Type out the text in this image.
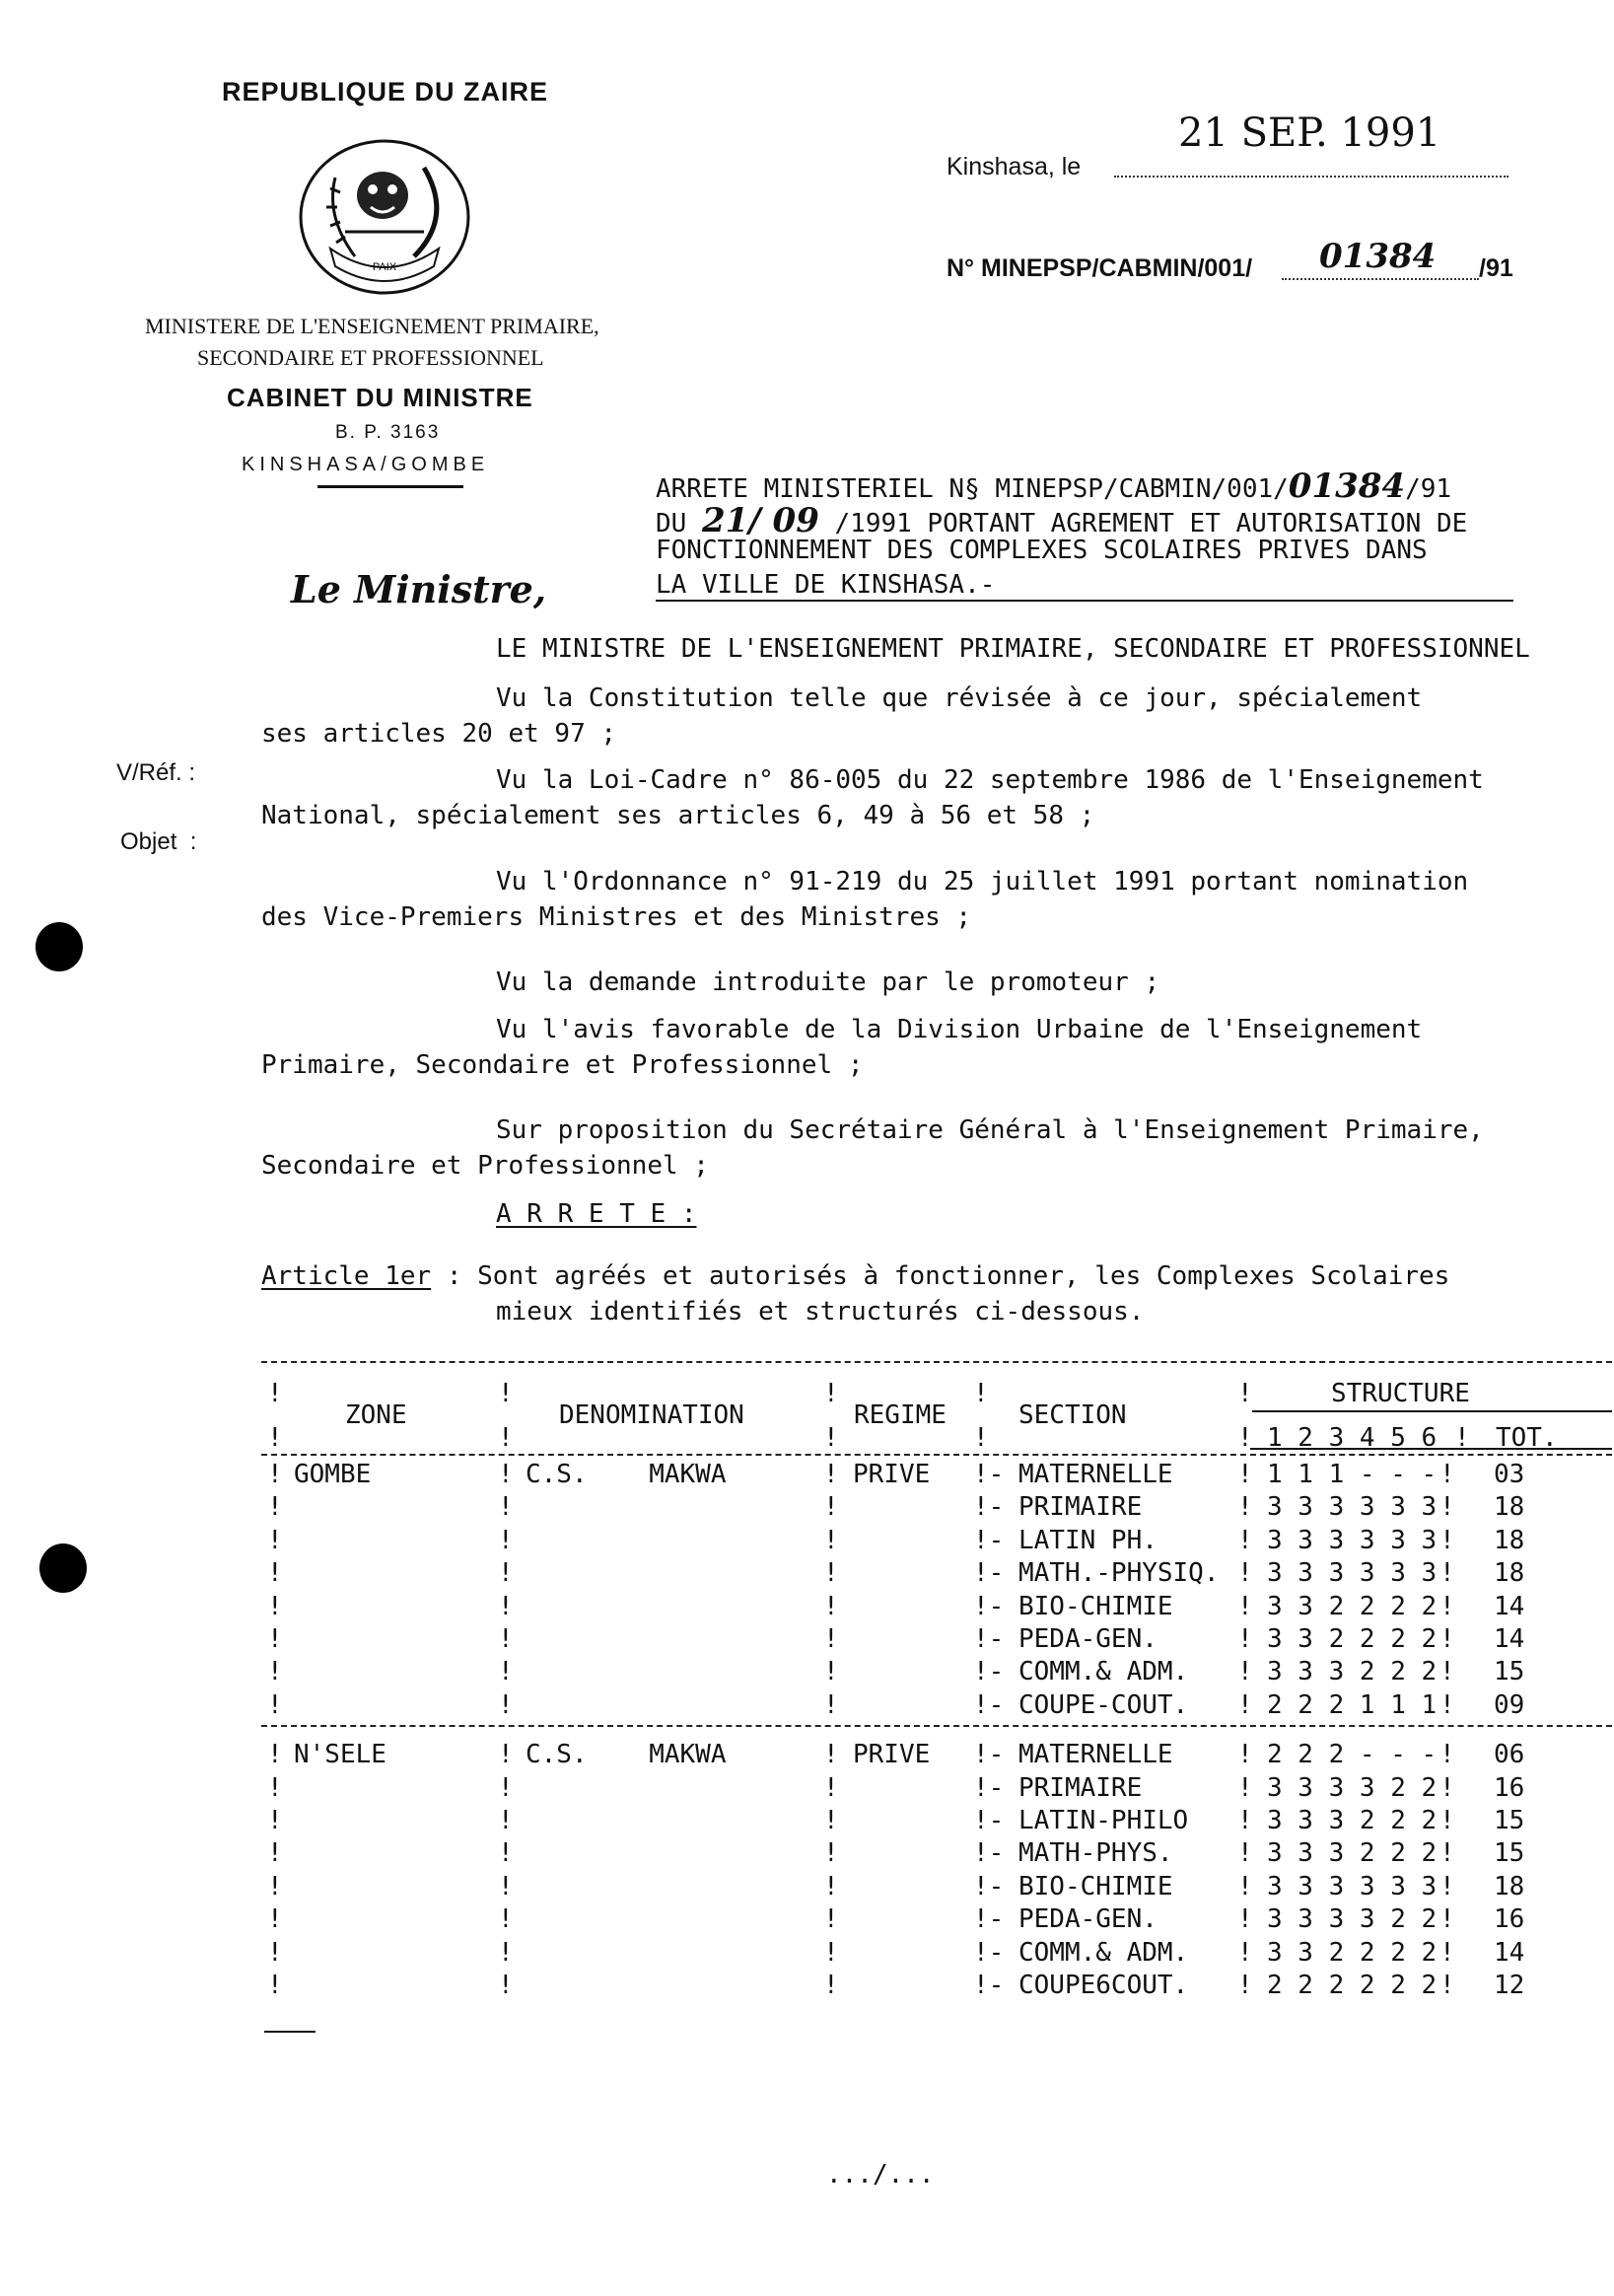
REPUBLIQUE DU ZAIRE
PAIX
MINISTERE DE L'ENSEIGNEMENT PRIMAIRE,
SECONDAIRE ET PROFESSIONNEL
CABINET DU MINISTRE
B. P. 3163
KINSHASA/GOMBE
Le Ministre,
V/Réf. :
Objet  :
21 SEP. 1991
Kinshasa, le
N° MINEPSP/CABMIN/001/ 01384 /91
ARRETE MINISTERIEL N§ MINEPSP/CABMIN/001/01384/91
DU 21/ 09 /1991 PORTANT AGREMENT ET AUTORISATION DE
FONCTIONNEMENT DES COMPLEXES SCOLAIRES PRIVES DANS
LA VILLE DE KINSHASA.-
LE MINISTRE DE L'ENSEIGNEMENT PRIMAIRE, SECONDAIRE ET PROFESSIONNEL
Vu la Constitution telle que révisée à ce jour, spécialement
ses articles 20 et 97 ;
Vu la Loi-Cadre n° 86-005 du 22 septembre 1986 de l'Enseignement
National, spécialement ses articles 6, 49 à 56 et 58 ;
Vu l'Ordonnance n° 91-219 du 25 juillet 1991 portant nomination
des Vice-Premiers Ministres et des Ministres ;
Vu la demande introduite par le promoteur ;
Vu l'avis favorable de la Division Urbaine de l'Enseignement
Primaire, Secondaire et Professionnel ;
Sur proposition du Secrétaire Général à l'Enseignement Primaire,
Secondaire et Professionnel ;
A R R E T E :
Article 1er : Sont agréés et autorisés à fonctionner, les Complexes Scolaires
mieux identifiés et structurés ci-dessous.
!	!	!	!
!	!	!	!
!
ZONE	DENOMINATION	REGIME	SECTION
STRUCTURE
! 1 2 3 4 5 6 ! TOT.
!	!	!	!-
GOMBE	C.S.    MAKWA	PRIVE	MATERNELLE	! 1 1 1 - - - ! 03
!	!	!	!- PRIMAIRE	! 3 3 3 3 3 3 ! 18
!	!	!	!- LATIN PH.	! 3 3 3 3 3 3 ! 18
!	!	!	!- MATH.-PHYSIQ. ! 3 3 3 3 3 3 ! 18
!	!	!	!- BIO-CHIMIE	! 3 3 2 2 2 2 ! 14
!	!	!	!- PEDA-GEN.	! 3 3 2 2 2 2 ! 14
!	!	!	!- COMM.& ADM. ! 3 3 3 2 2 2 ! 15
!	!	!	!- COUPE-COUT. ! 2 2 2 1 1 1 ! 09
!	!	!	!-
N'SELE	C.S.    MAKWA	PRIVE	MATERNELLE	! 2 2 2 - - - ! 06
!	!	!	!- PRIMAIRE	! 3 3 3 3 2 2 ! 16
!	!	!	!- LATIN-PHILO ! 3 3 3 2 2 2 ! 15
!	!	!	!- MATH-PHYS.	! 3 3 3 2 2 2 ! 15
!	!	!	!- BIO-CHIMIE	! 3 3 3 3 3 3 ! 18
!	!	!	!- PEDA-GEN.	! 3 3 3 3 2 2 ! 16
!	!	!	!- COMM.& ADM. ! 3 3 2 2 2 2 ! 14
!	!	!	!- COUPE6COUT. ! 2 2 2 2 2 2 ! 12
.../...
